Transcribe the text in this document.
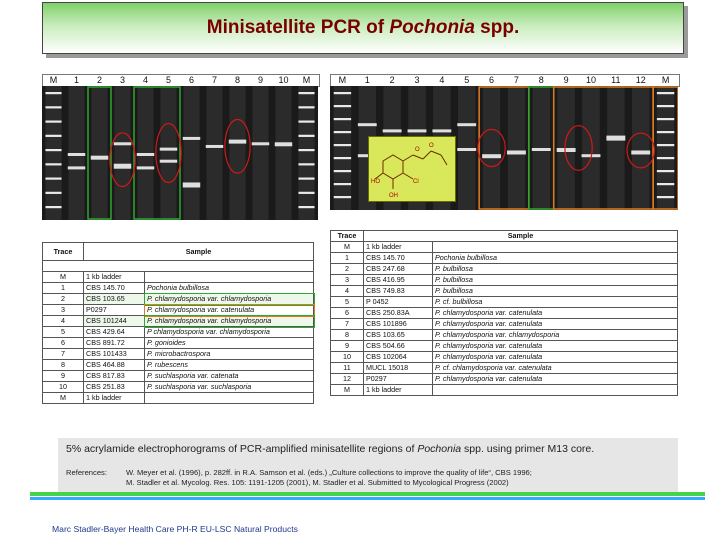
Minisatellite PCR of Pochonia spp.
M	1	2	3	4	5	6	7	8	9	10	M	M	1	2	3	4	5	6	7	8	9	10	11	12	M
HO
OH
Cl
O
O
Trace	Sample	

M	1 kb ladder	
1	CBS 145.70	Pochonia bulbillosa
2	CBS 103.65	P. chlamydosporia var. chlamydosporia
3	P0297	P. chlamydosporia var. catenulata
4	CBS 101244	P. chlamydosporia var. chlamydosporia
5	CBS 429.64	P chlamydosporia var. chlamydosporia
6	CBS 891.72	P. gonioides
7	CBS 101433	P. microbactrospora
8	CBS 464.88	P. rubescens
9	CBS 817.83	P. suchlasporia var. catenata
10	CBS 251.83	P. suchlasporia var. suchlasporia
M	1 kb ladder	
Trace	Sample	
M	1 kb ladder	
1	CBS 145.70	Pochonia bulbillosa
2	CBS 247.68	P. bulbillosa
3	CBS 416.95	P. bulbillosa
4	CBS 749.83	P. bulbillosa
5	P 0452	P. cf. bulbillosa
6	CBS 250.83A	P. chlamydosporia var. catenulata
7	CBS 101896	P. chlamydosporia var. catenulata
8	CBS 103.65	P. chlamydosporia var. chlamydosporia
9	CBS 504.66	P. chlamydosporia var. catenulata
10	CBS 102064	P. chlamydosporia var. catenulata
11	MUCL 15018	P. cf. chlamydosporia var. catenulata
12	P0297	P. chlamydosporia var. catenulata
M	1 kb ladder	
5% acrylamide electrophorograms of PCR-amplified minisatellite regions of Pochonia spp. using primer M13 core.
References:	W. Meyer et al. (1996), p. 282ff. in R.A. Samson et al. (eds.) „Culture collections to improve the quality of life“, CBS 1996;
M. Stadler et al. Mycolog. Res. 105: 1191-1205 (2001), M. Stadler et al. Submitted to Mycological Progress (2002)
Marc Stadler-Bayer Health Care PH-R EU-LSC Natural Products
